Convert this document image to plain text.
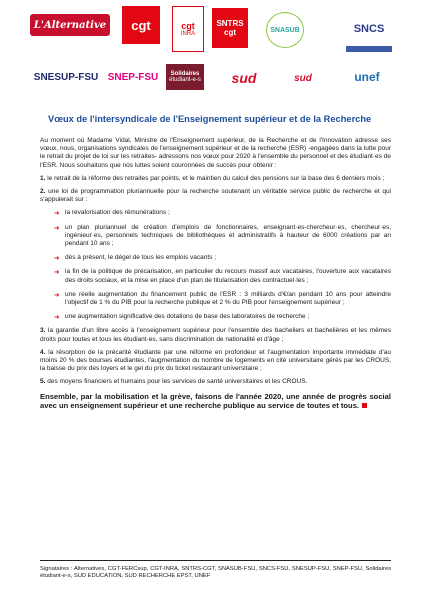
L'Alternative cgt	cgt
INRA
SNTRS
cgt	SNASUB	SNCS
SNESUP-FSU SNEP-FSU Solidaires
étudiant-e-s sud	sud	unef
Vœux de l'intersyndicale de l'Enseignement supérieur et de la Recherche

Au moment où Madame Vidal, Ministre de l'Enseignement supérieur, de la Recherche et de l'Innovation adresse ses vœux, nous, organisations syndicales de l'enseignement supérieur et de la recherche (ESR) -engagées dans la lutte pour le retrait du projet de loi sur les retraites- adressons nos vœux pour 2020 à l'ensemble du personnel et des étudiant·es de l'ESR. Nous souhaitons que nos luttes soient couronnées de succès pour obtenir :

1. le retrait de la réforme des retraites par points, et le maintien du calcul des pensions sur la base des 6 derniers mois ;

2. une loi de programmation pluriannuelle pour la recherche soutenant un véritable service public de recherche et qui s'appuierait sur :

➜ la revalorisation des rémunérations ;
➜ un plan pluriannuel de création d'emplois de fonctionnaires, enseignant·es-chercheur·es, chercheur·es, ingénieur·es, personnels techniques de bibliothèques et administratifs à hauteur de 6000 créations par an pendant 10 ans ;
➜ dès à présent, le dégel de tous les emplois vacants ;
➜ la fin de la politique de précarisation, en particulier du recours massif aux vacataires, l'ouverture aux vacataires des droits sociaux, et la mise en place d'un plan de titularisation des contractuel·les ;
➜ une réelle augmentation du financement public de l'ESR : 3 milliards d'€/an pendant 10 ans pour atteindre l'objectif de 1 % du PIB pour la recherche publique et 2 % du PIB pour l'enseignement supérieur ;
➜ une augmentation significative des dotations de base des laboratoires de recherche ;

3. la garantie d'un libre accès à l'enseignement supérieur pour l'ensemble des bacheliers et bachelières et les mêmes droits pour toutes et tous les étudiant·es, sans discrimination de nationalité et d'âge ;

4. la résorption de la précarité étudiante par une réforme en profondeur et l'augmentation importante immédiate d'au moins 20 % des bourses étudiantes, l'augmentation du nombre de logements en cité universitaire gérés par les CROUS, la baisse du prix des loyers et le gel du prix du ticket restaurant universitaire ;

5. des moyens financiers et humains pour les services de santé universitaires et les CROUS.

Ensemble, par la mobilisation et la grève, faisons de l'année 2020, une année de progrès social avec un enseignement supérieur et une recherche publique au service de toutes et tous.

Signataires : Alternatives, CGT-FERCsup, CGT-INRA, SNTRS-CGT, SNASUB-FSU, SNCS-FSU, SNESUP-FSU, SNEP-FSU, Solidaires étudiant-e-s, SUD EDUCATION, SUD RECHERCHE EPST, UNEF
